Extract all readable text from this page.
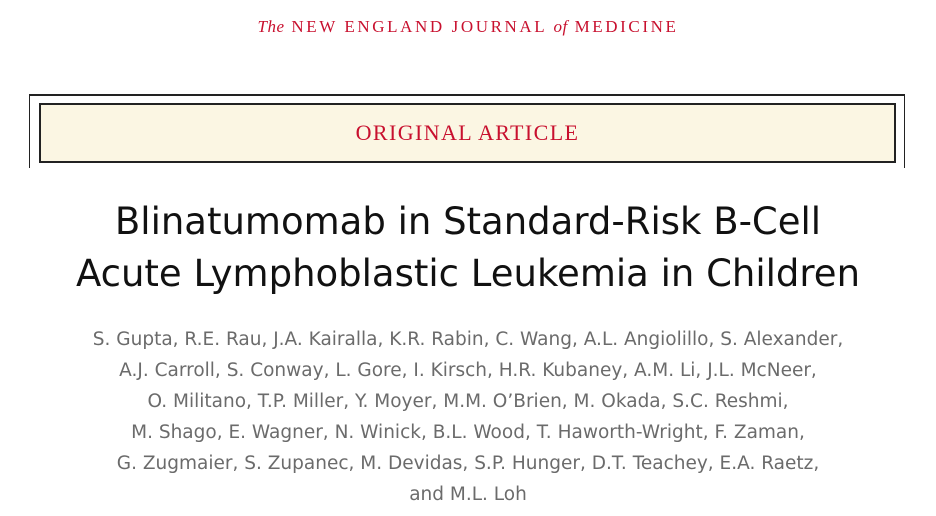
The NEW ENGLAND JOURNAL of MEDICINE
ORIGINAL ARTICLE
Blinatumomab in Standard-Risk B-Cell
Acute Lymphoblastic Leukemia in Children
S. Gupta, R.E. Rau, J.A. Kairalla, K.R. Rabin, C. Wang, A.L. Angiolillo, S. Alexander,
A.J. Carroll, S. Conway, L. Gore, I. Kirsch, H.R. Kubaney, A.M. Li, J.L. McNeer,
O. Militano, T.P. Miller, Y. Moyer, M.M. O’Brien, M. Okada, S.C. Reshmi,
M. Shago, E. Wagner, N. Winick, B.L. Wood, T. Haworth-Wright, F. Zaman,
G. Zugmaier, S. Zupanec, M. Devidas, S.P. Hunger, D.T. Teachey, E.A. Raetz,
and M.L. Loh
